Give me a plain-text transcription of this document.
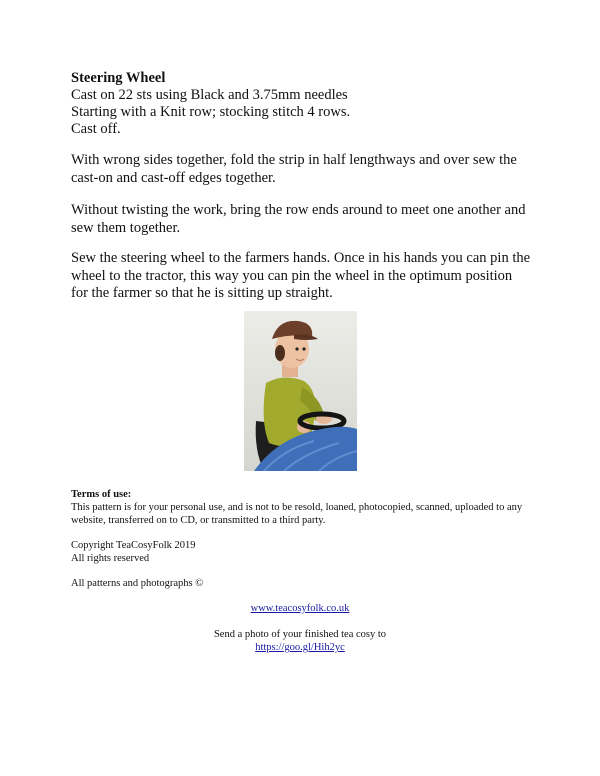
Steering Wheel
Cast on 22 sts using Black and 3.75mm needles
Starting with a Knit row; stocking stitch 4 rows.
Cast off.
With wrong sides together, fold the strip in half lengthways and over sew the cast-on and cast-off edges together.
Without twisting the work, bring the row ends around to meet one another and sew them together.
Sew the steering wheel to the farmers hands. Once in his hands you can pin the wheel to the tractor, this way you can pin the wheel in the optimum position for the farmer so that he is sitting up straight.
Terms of use:
This pattern is for your personal use, and is not to be resold, loaned, photocopied, scanned, uploaded to any website, transferred on to CD, or transmitted to a third party.
Copyright TeaCosyFolk 2019
All rights reserved
All patterns and photographs ©
www.teacosyfolk.co.uk
Send a photo of your finished tea cosy to
https://goo.gl/Hih2yc
